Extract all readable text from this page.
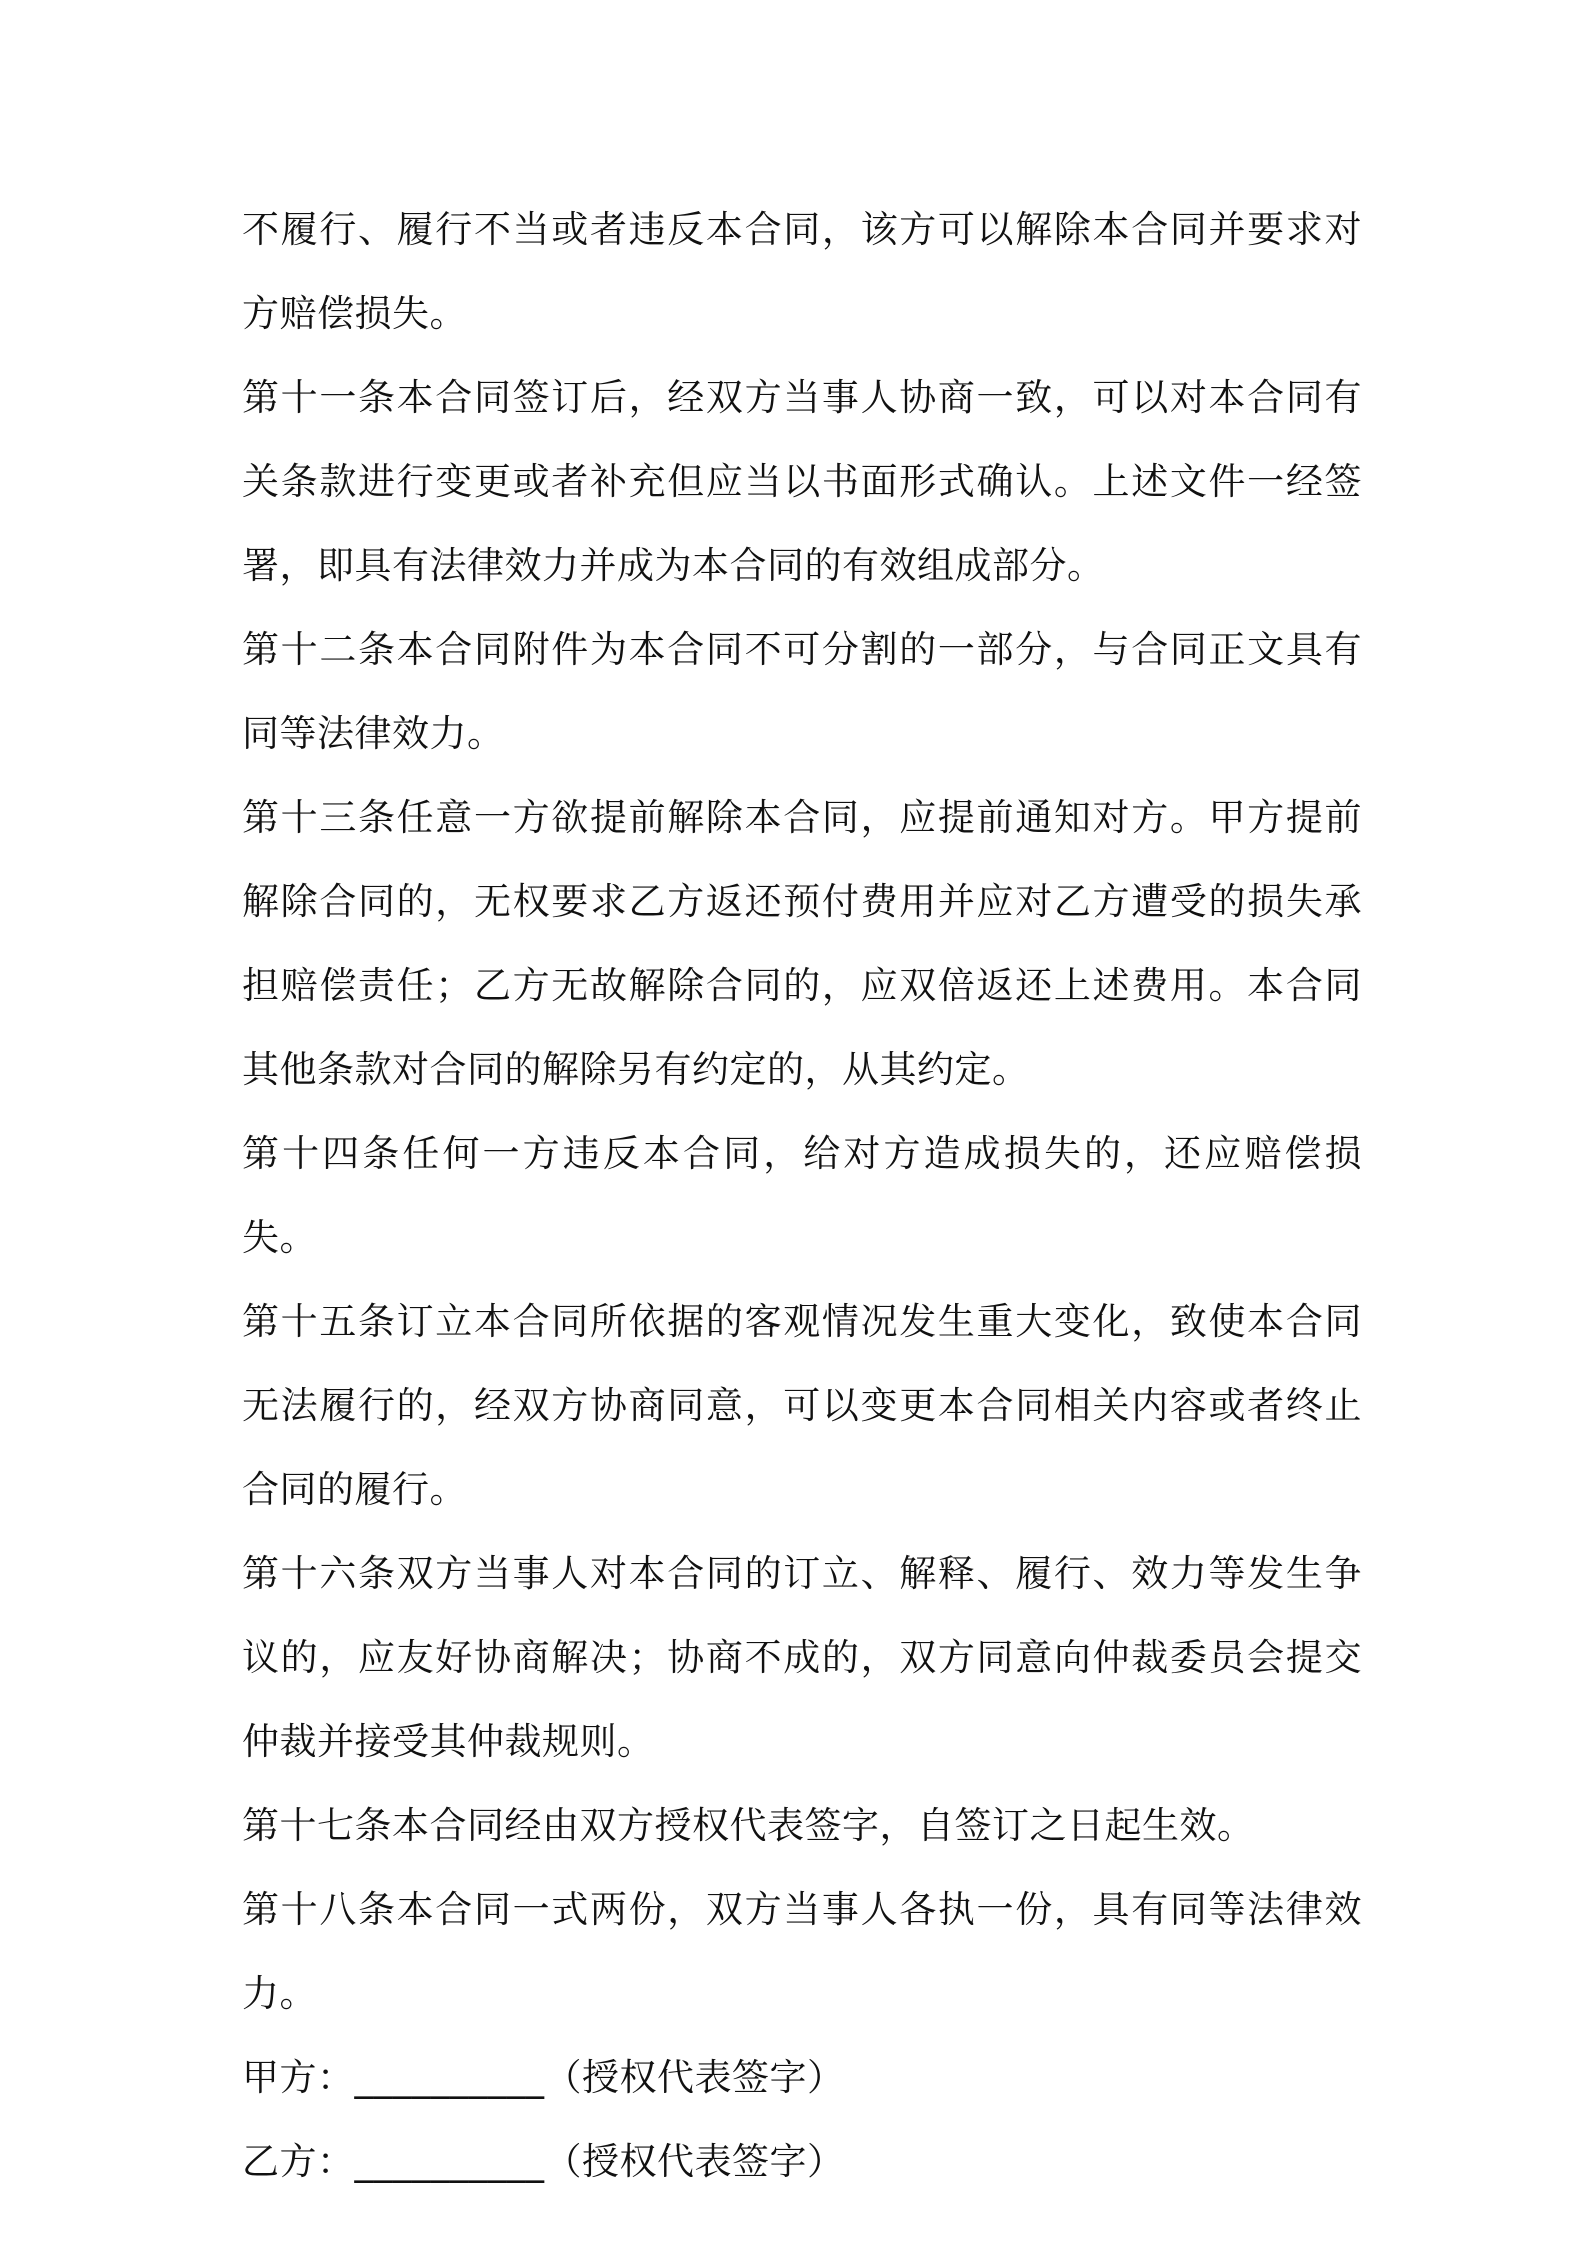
不履行、履行不当或者违反本合同，该方可以解除本合同并要求对方赔偿损失。

第十一条本合同签订后，经双方当事人协商一致，可以对本合同有关条款进行变更或者补充但应当以书面形式确认。上述文件一经签署，即具有法律效力并成为本合同的有效组成部分。

第十二条本合同附件为本合同不可分割的一部分，与合同正文具有同等法律效力。

第十三条任意一方欲提前解除本合同，应提前通知对方。甲方提前解除合同的，无权要求乙方返还预付费用并应对乙方遭受的损失承担赔偿责任；乙方无故解除合同的，应双倍返还上述费用。本合同其他条款对合同的解除另有约定的，从其约定。

第十四条任何一方违反本合同，给对方造成损失的，还应赔偿损失。

第十五条订立本合同所依据的客观情况发生重大变化，致使本合同无法履行的，经双方协商同意，可以变更本合同相关内容或者终止合同的履行。

第十六条双方当事人对本合同的订立、解释、履行、效力等发生争议的，应友好协商解决；协商不成的，双方同意向仲裁委员会提交仲裁并接受其仲裁规则。

第十七条本合同经由双方授权代表签字，自签订之日起生效。

第十八条本合同一式两份，双方当事人各执一份，具有同等法律效力。

甲方：__________（授权代表签字）

乙方：__________（授权代表签字）
